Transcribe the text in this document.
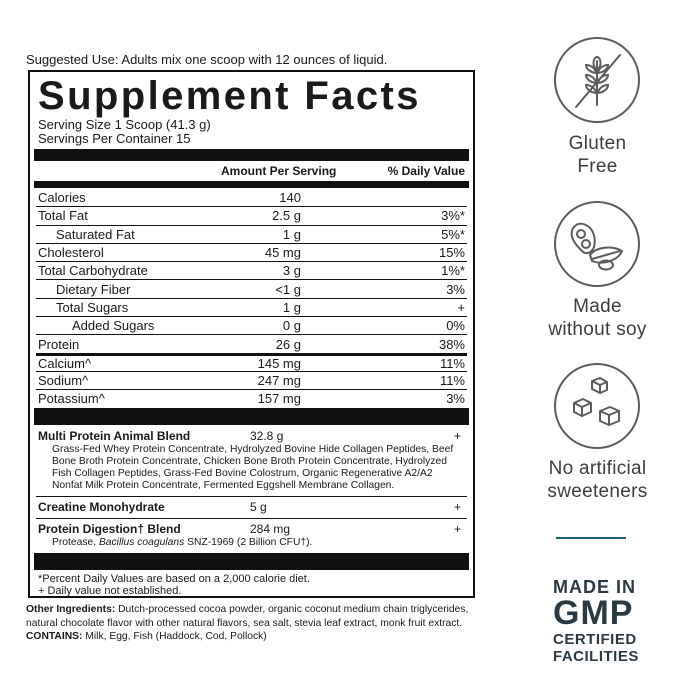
Suggested Use: Adults mix one scoop with 12 ounces of liquid.
Supplement Facts
Serving Size 1 Scoop (41.3 g)
Servings Per Container 15
Amount Per Serving	% Daily Value
Calories	140
Total Fat	2.5 g	3%*
Saturated Fat	1 g	5%*
Cholesterol	45 mg	15%
Total Carbohydrate	3 g	1%*
Dietary Fiber	<1 g	3%
Total Sugars	1 g	+
Added Sugars	0 g	0%
Protein	26 g	38%
Calcium^	145 mg	11%
Sodium^	247 mg	11%
Potassium^	157 mg	3%
Multi Protein Animal Blend	32.8 g	+
Grass-Fed Whey Protein Concentrate, Hydrolyzed Bovine Hide Collagen Peptides, Beef Bone Broth Protein Concentrate, Chicken Bone Broth Protein Concentrate, Hydrolyzed Fish Collagen Peptides, Grass-Fed Bovine Colostrum, Organic Regenerative A2/A2 Nonfat Milk Protein Concentrate, Fermented Eggshell Membrane Collagen.
Creatine Monohydrate	5 g	+
Protein Digestion† Blend	284 mg	+
Protease, Bacillus coagulans SNZ-1969 (2 Billion CFU†).
*Percent Daily Values are based on a 2,000 calorie diet.
+ Daily value not established.
Other Ingredients: Dutch-processed cocoa powder, organic coconut medium chain triglycerides, natural chocolate flavor with other natural flavors, sea salt, stevia leaf extract, monk fruit extract.
CONTAINS: Milk, Egg, Fish (Haddock, Cod, Pollock)
Gluten
Free
Made
without soy
No artificial
sweeteners
MADE IN
GMP
CERTIFIED
FACILITIES
